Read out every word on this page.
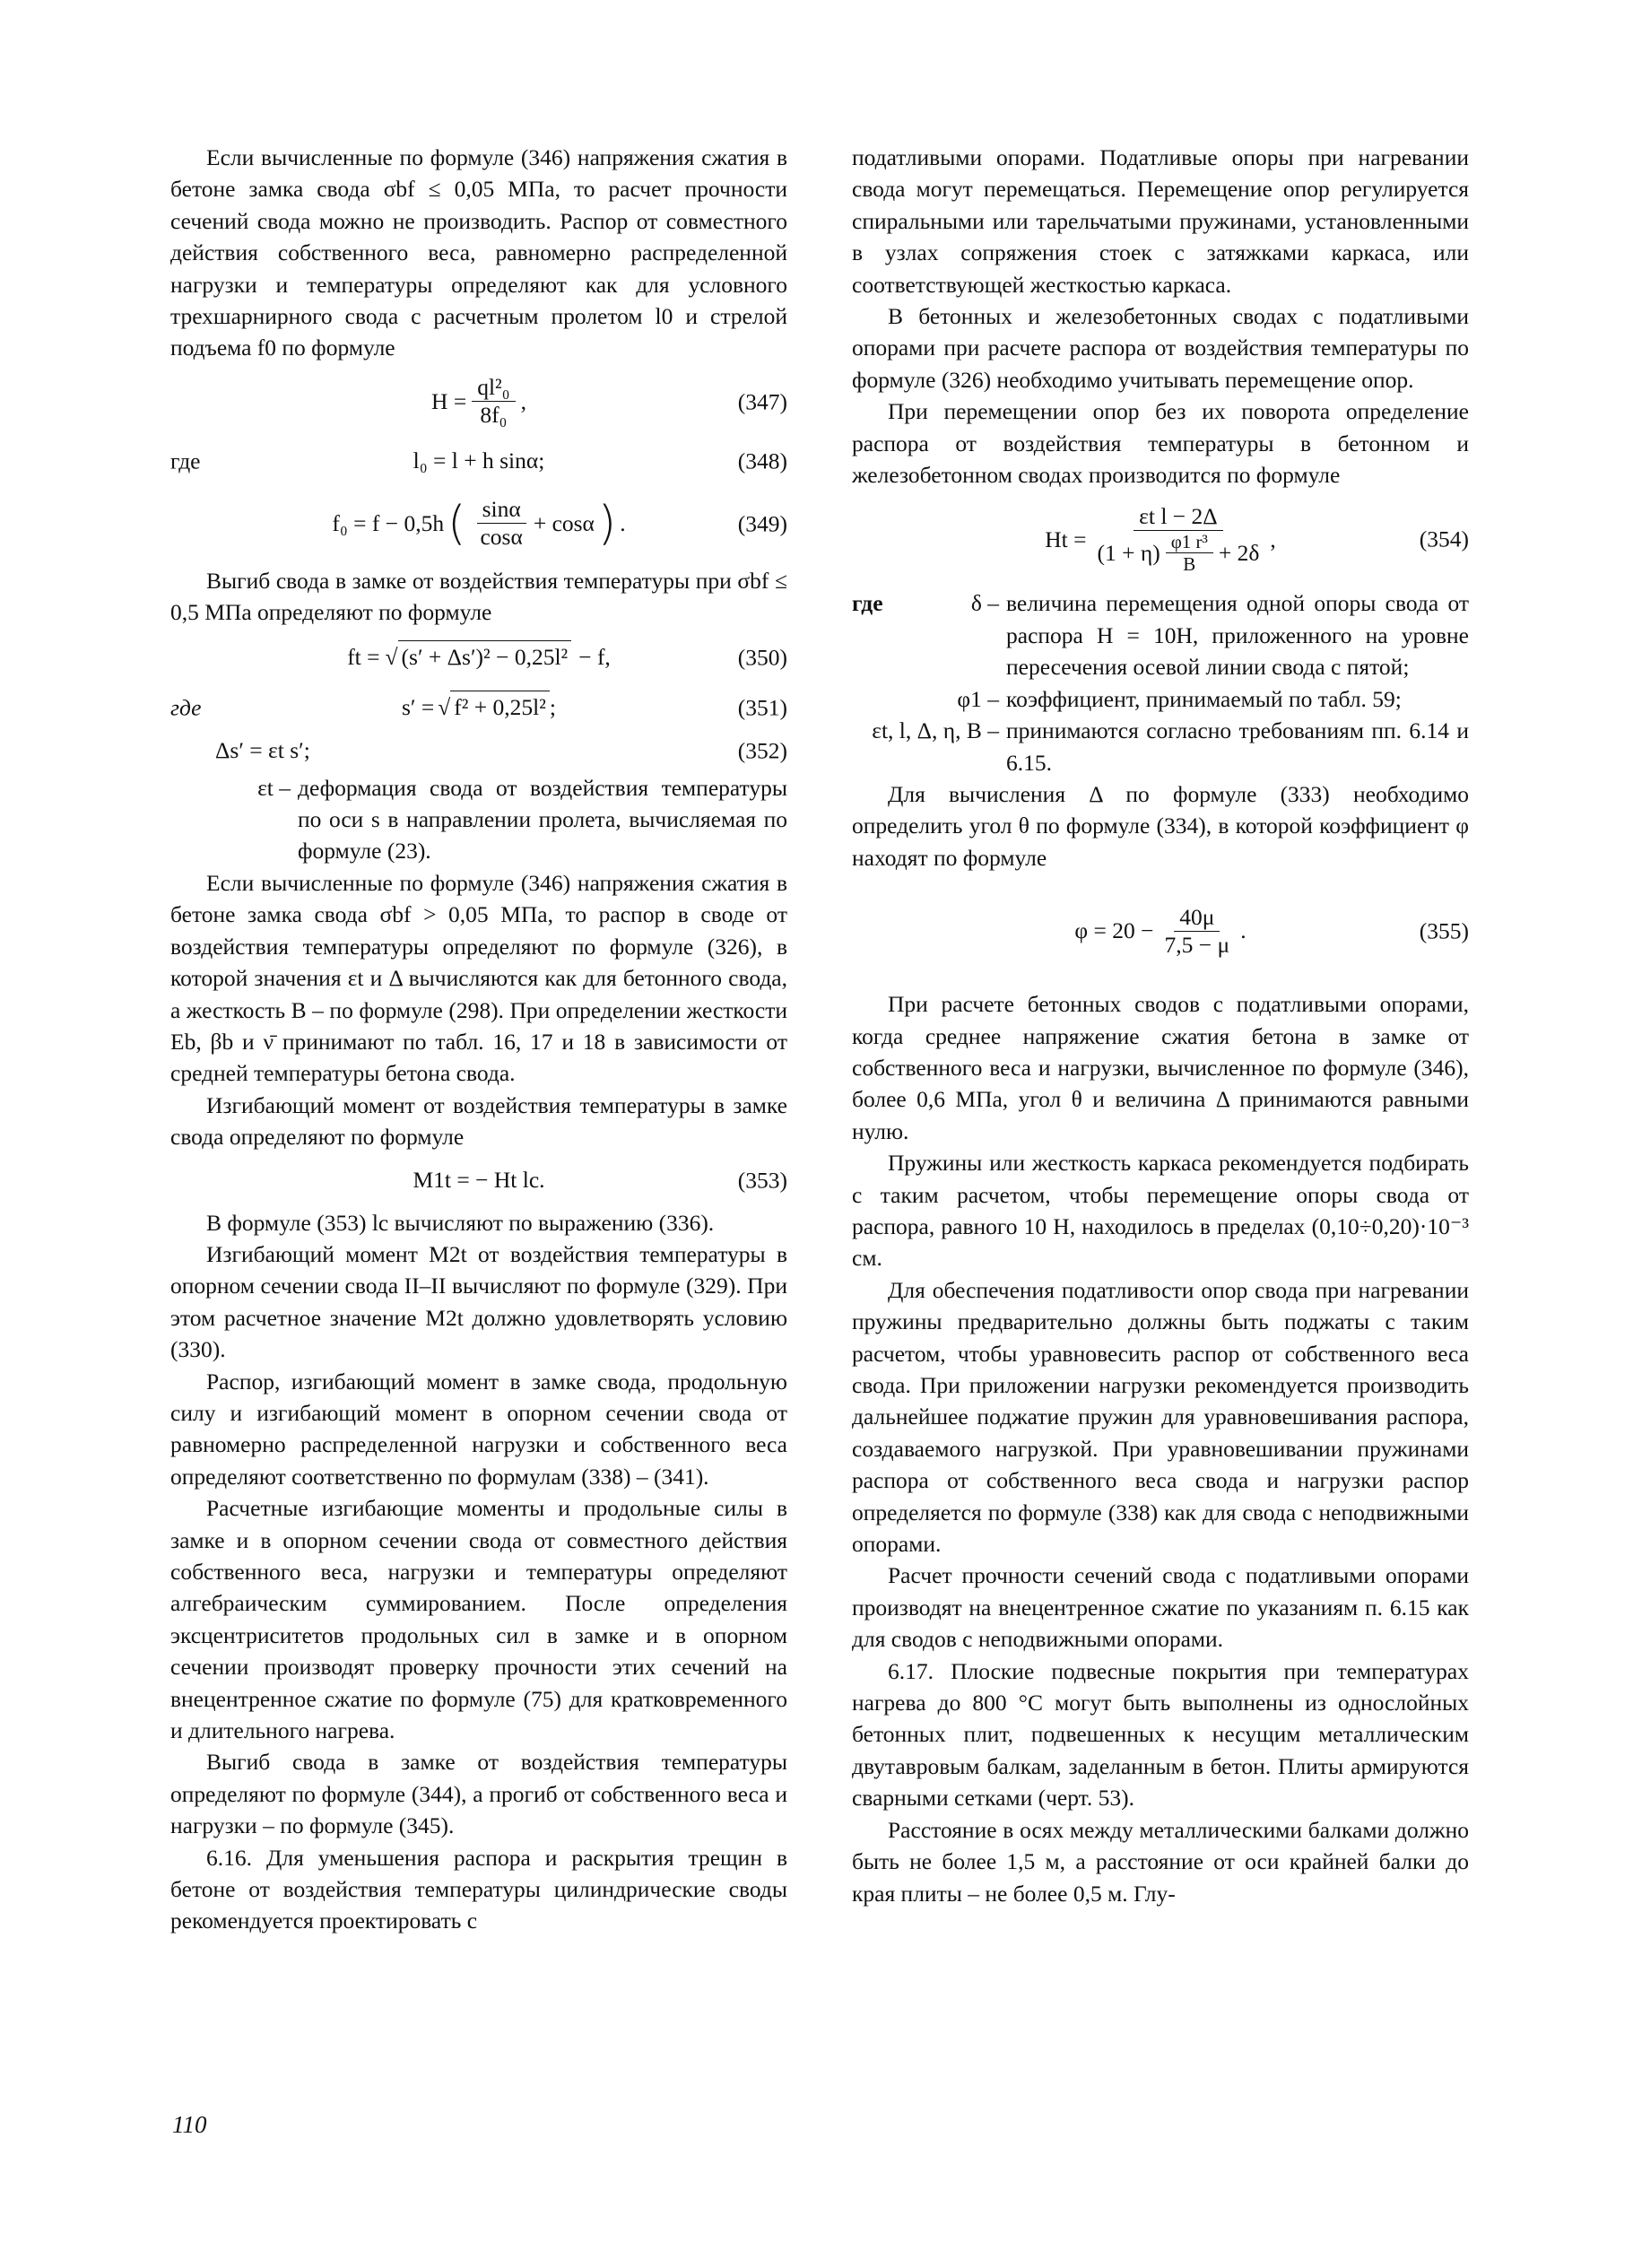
Если вычисленные по формуле (346) напряжения сжатия в бетоне замка свода σbf ≤ 0,05 МПа, то расчет прочности сечений свода можно не производить. Распор от совместного действия собственного веса, равномерно распределенной нагрузки и температуры определяют как для условного трехшарнирного свода с расчетным пролетом l0 и стрелой подъема f0 по формуле

$H = \frac{\text{ql²₀}}{\text{8f₀}}$ ,	(347)
где	l₀ = l + h sinα;	(348)
f₀ = f − 0,5h ( sinα
cosα
+ cosα ) .	(349)

Выгиб свода в замке от воздействия температуры при σbf ≤ 0,5 МПа определяют по формуле

ft = √ (s′ + Δs′)² − 0,25l² − f,	(350)
где	s′ = √ f² + 0,25l² ;	(351)
Δs′ = εt s′;	(352)
εt – деформация свода от воздействия температуры по оси s в направлении пролета, вычисляемая по формуле (23).

Если вычисленные по формуле (346) напряжения сжатия в бетоне замка свода σbf > 0,05 МПа, то распор в своде от воздействия температуры определяют по формуле (326), в которой значения εt и Δ вычисляются как для бетонного свода, а жесткость B – по формуле (298). При определении жесткости Eb, βb и ν̄ принимают по табл. 16, 17 и 18 в зависимости от средней температуры бетона свода.

Изгибающий момент от воздействия температуры в замке свода определяют по формуле

M1t = − Ht lc.	(353)

В формуле (353) lc вычисляют по выражению (336).

Изгибающий момент M2t от воздействия температуры в опорном сечении свода II–II вычисляют по формуле (329). При этом расчетное значение M2t должно удовлетворять условию (330).

Распор, изгибающий момент в замке свода, продольную силу и изгибающий момент в опорном сечении свода от равномерно распределенной нагрузки и собственного веса определяют соответственно по формулам (338) – (341).

Расчетные изгибающие моменты и продольные силы в замке и в опорном сечении свода от совместного действия собственного веса, нагрузки и температуры определяют алгебраическим суммированием. После определения эксцентриситетов продольных сил в замке и в опорном сечении производят проверку прочности этих сечений на внецентренное сжатие по формуле (75) для кратковременного и длительного нагрева.

Выгиб свода в замке от воздействия температуры определяют по формуле (344), а прогиб от собственного веса и нагрузки – по формуле (345).

6.16. Для уменьшения распора и раскрытия трещин в бетоне от воздействия температуры цилиндрические своды рекомендуется проектировать с

податливыми опорами. Податливые опоры при нагревании свода могут перемещаться. Перемещение опор регулируется спиральными или тарельчатыми пружинами, установленными в узлах сопряжения стоек с затяжками каркаса, или соответствующей жесткостью каркаса.

В бетонных и железобетонных сводах с податливыми опорами при расчете распора от воздействия температуры по формуле (326) необходимо учитывать перемещение опор.

При перемещении опор без их поворота определение распора от воздействия температуры в бетонном и железобетонном сводах производится по формуле

Ht =
εt l − 2Δ
(1 + η) φ1 r³
B + 2δ
,	(354)
где	δ – величина перемещения одной опоры свода от распора H = 10H, приложенного на уровне пересечения осевой линии свода с пятой;
φ1 – коэффициент, принимаемый по табл. 59;
εt, l, Δ, η, B – принимаются согласно требованиям пп. 6.14 и 6.15.

Для вычисления Δ по формуле (333) необходимо определить угол θ по формуле (334), в которой коэффициент φ находят по формуле

$\varphi = 20 - \frac{40\mu}{7,5 - \mu}$ .	(355)

При расчете бетонных сводов с податливыми опорами, когда среднее напряжение сжатия бетона в замке от собственного веса и нагрузки, вычисленное по формуле (346), более 0,6 МПа, угол θ и величина Δ принимаются равными нулю.

Пружины или жесткость каркаса рекомендуется подбирать с таким расчетом, чтобы перемещение опоры свода от распора, равного 10 Н, находилось в пределах (0,10÷0,20)·10⁻³ см.

Для обеспечения податливости опор свода при нагревании пружины предварительно должны быть поджаты с таким расчетом, чтобы уравновесить распор от собственного веса свода. При приложении нагрузки рекомендуется производить дальнейшее поджатие пружин для уравновешивания распора, создаваемого нагрузкой. При уравновешивании пружинами распора от собственного веса свода и нагрузки распор определяется по формуле (338) как для свода с неподвижными опорами.

Расчет прочности сечений свода с податливыми опорами производят на внецентренное сжатие по указаниям п. 6.15 как для сводов с неподвижными опорами.

6.17. Плоские подвесные покрытия при температурах нагрева до 800 °С могут быть выполнены из однослойных бетонных плит, подвешенных к несущим металлическим двутавровым балкам, заделанным в бетон. Плиты армируются сварными сетками (черт. 53).

Расстояние в осях между металлическими балками должно быть не более 1,5 м, а расстояние от оси крайней балки до края плиты – не более 0,5 м. Глу-

110
